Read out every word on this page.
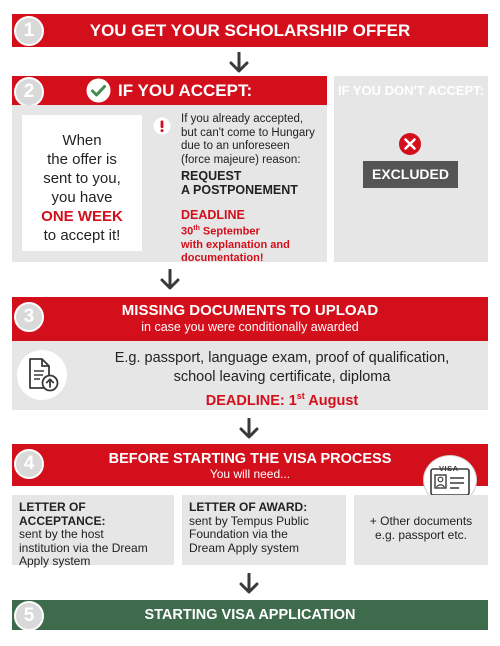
YOU GET YOUR SCHOLARSHIP OFFER
1
2	IF YOU ACCEPT:	IF YOU DON'T ACCEPT:
When
the offer is
sent to you,
you have
ONE WEEK
to accept it!
If you already accepted,
but can't come to Hungary
due to an unforeseen
(force majeure) reason:
REQUEST
A POSTPONEMENT
DEADLINE
30th September
with explanation and
documentation!
EXCLUDED
MISSING DOCUMENTS TO UPLOAD
in case you were conditionally awarded
3
E.g. passport, language exam, proof of qualification,
school leaving certificate, diploma
DEADLINE: 1st August
BEFORE STARTING THE VISA PROCESS
You will need...
4	VISA
LETTER OF ACCEPTANCE:
sent by the host
institution via the Dream
Apply system
LETTER OF AWARD:
sent by Tempus Public
Foundation via the
Dream Apply system
+ Other documents
e.g. passport etc.
STARTING VISA APPLICATION
5
